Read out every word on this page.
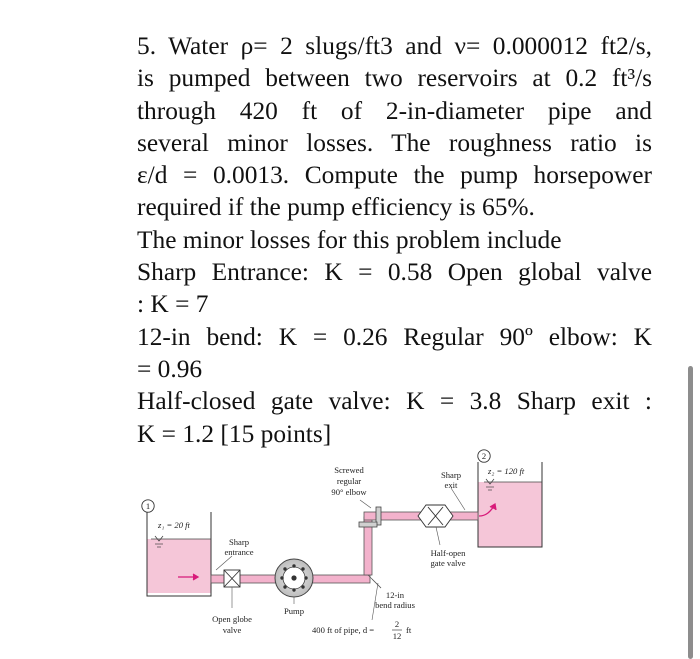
5. Water ρ= 2 slugs/ft3 and ν= 0.000012 ft2/s,
is pumped between two reservoirs at 0.2 ft³/s
through 420 ft of 2-in-diameter pipe and
several minor losses. The roughness ratio is
ε/d = 0.0013. Compute the pump horsepower
required if the pump efficiency is 65%.
The minor losses for this problem include
Sharp Entrance: K = 0.58 Open global valve
: K = 7
12-in bend: K = 0.26 Regular 90º elbow: K
= 0.96
Half-closed gate valve: K = 3.8 Sharp exit :
K = 1.2 [15 points]
1
2
z₁ = 20 ft
z₂ = 120 ft
Sharp
entrance
Pump
Open globe
valve
Screwed
regular
90° elbow
12-in
bend radius
400 ft of pipe, d =
2
12
ft
Sharp
exit
Half-open
gate valve
